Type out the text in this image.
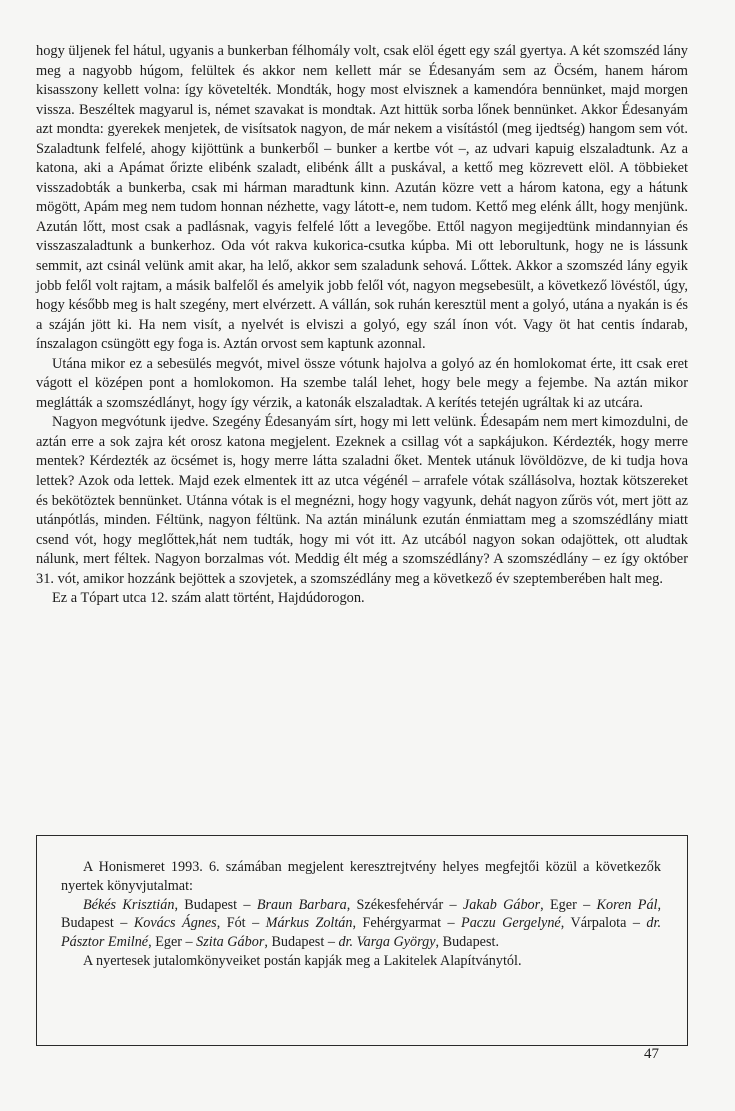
hogy üljenek fel hátul, ugyanis a bunkerban félhomály volt, csak elöl égett egy szál gyertya. A két szomszéd lány meg a nagyobb húgom, felültek és akkor nem kellett már se Édesanyám sem az Öcsém, hanem három kisasszony kellett volna: így követelték. Mondták, hogy most elvisznek a kamendóra bennünket, majd morgen vissza. Beszéltek magyarul is, német szavakat is mondtak. Azt hittük sorba lőnek bennünket. Akkor Édesanyám azt mondta: gyerekek menjetek, de visítsatok nagyon, de már nekem a visítástól (meg ijedtség) hangom sem vót. Szaladtunk felfelé, ahogy kijöttünk a bunkerből – bunker a kertbe vót –, az udvari kapuig elszaladtunk. Az a katona, aki a Apámat őrizte elibénk szaladt, elibénk állt a puskával, a kettő meg közrevett elöl. A többieket visszadobták a bunkerba, csak mi hárman maradtunk kinn. Azután közre vett a három katona, egy a hátunk mögött, Apám meg nem tudom honnan nézhette, vagy látott-e, nem tudom. Kettő meg elénk állt, hogy menjünk. Azután lőtt, most csak a padlásnak, vagyis felfelé lőtt a levegőbe. Ettől nagyon megijedtünk mindannyian és visszaszaladtunk a bunkerhoz. Oda vót rakva kukorica-csutka kúpba. Mi ott leborultunk, hogy ne is lássunk semmit, azt csinál velünk amit akar, ha lelő, akkor sem szaladunk sehová. Lőttek. Akkor a szomszéd lány egyik jobb felől volt rajtam, a másik balfelől és amelyik jobb felől vót, nagyon megsebesült, a következő lövéstől, úgy, hogy később meg is halt szegény, mert elvérzett. A vállán, sok ruhán keresztül ment a golyó, utána a nyakán is és a száján jött ki. Ha nem visít, a nyelvét is elviszi a golyó, egy szál ínon vót. Vagy öt hat centis índarab, ínszalagon csüngött egy foga is. Aztán orvost sem kaptunk azonnal.

Utána mikor ez a sebesülés megvót, mivel össze vótunk hajolva a golyó az én homlokomat érte, itt csak eret vágott el középen pont a homlokomon. Ha szembe talál lehet, hogy bele megy a fejembe. Na aztán mikor meglátták a szomszédlányt, hogy így vérzik, a katonák elszaladtak. A kerítés tetején ugráltak ki az utcára.

Nagyon megvótunk ijedve. Szegény Édesanyám sírt, hogy mi lett velünk. Édesapám nem mert kimozdulni, de aztán erre a sok zajra két orosz katona megjelent. Ezeknek a csillag vót a sapkájukon. Kérdezték, hogy merre mentek? Kérdezték az öcsémet is, hogy merre látta szaladni őket. Mentek utánuk lövöldözve, de ki tudja hova lettek? Azok oda lettek. Majd ezek elmentek itt az utca végénél – arrafele vótak szállásolva, hoztak kötszereket és bekötöztek bennünket. Utánna vótak is el megnézni, hogy hogy vagyunk, dehát nagyon zűrös vót, mert jött az utánpótlás, minden. Féltünk, nagyon féltünk. Na aztán minálunk ezután énmiattam meg a szomszédlány miatt csend vót, hogy meglőttek,hát nem tudták, hogy mi vót itt. Az utcából nagyon sokan odajöttek, ott aludtak nálunk, mert féltek. Nagyon borzalmas vót. Meddig élt még a szomszédlány? A szomszédlány – ez így október 31. vót, amikor hozzánk bejöttek a szovjetek, a szomszédlány meg a következő év szeptemberében halt meg.

Ez a Tópart utca 12. szám alatt történt, Hajdúdorogon.

A Honismeret 1993. 6. számában megjelent keresztrejtvény helyes megfejtői közül a következők nyertek könyvjutalmat:

Békés Krisztián, Budapest – Braun Barbara, Székesfehérvár – Jakab Gábor, Eger – Koren Pál, Budapest – Kovács Ágnes, Fót – Márkus Zoltán, Fehérgyarmat – Paczu Gergelyné, Várpalota – dr. Pásztor Emilné, Eger – Szita Gábor, Budapest – dr. Varga György, Budapest.

A nyertesek jutalomkönyveiket postán kapják meg a Lakitelek Alapítványtól.

47
